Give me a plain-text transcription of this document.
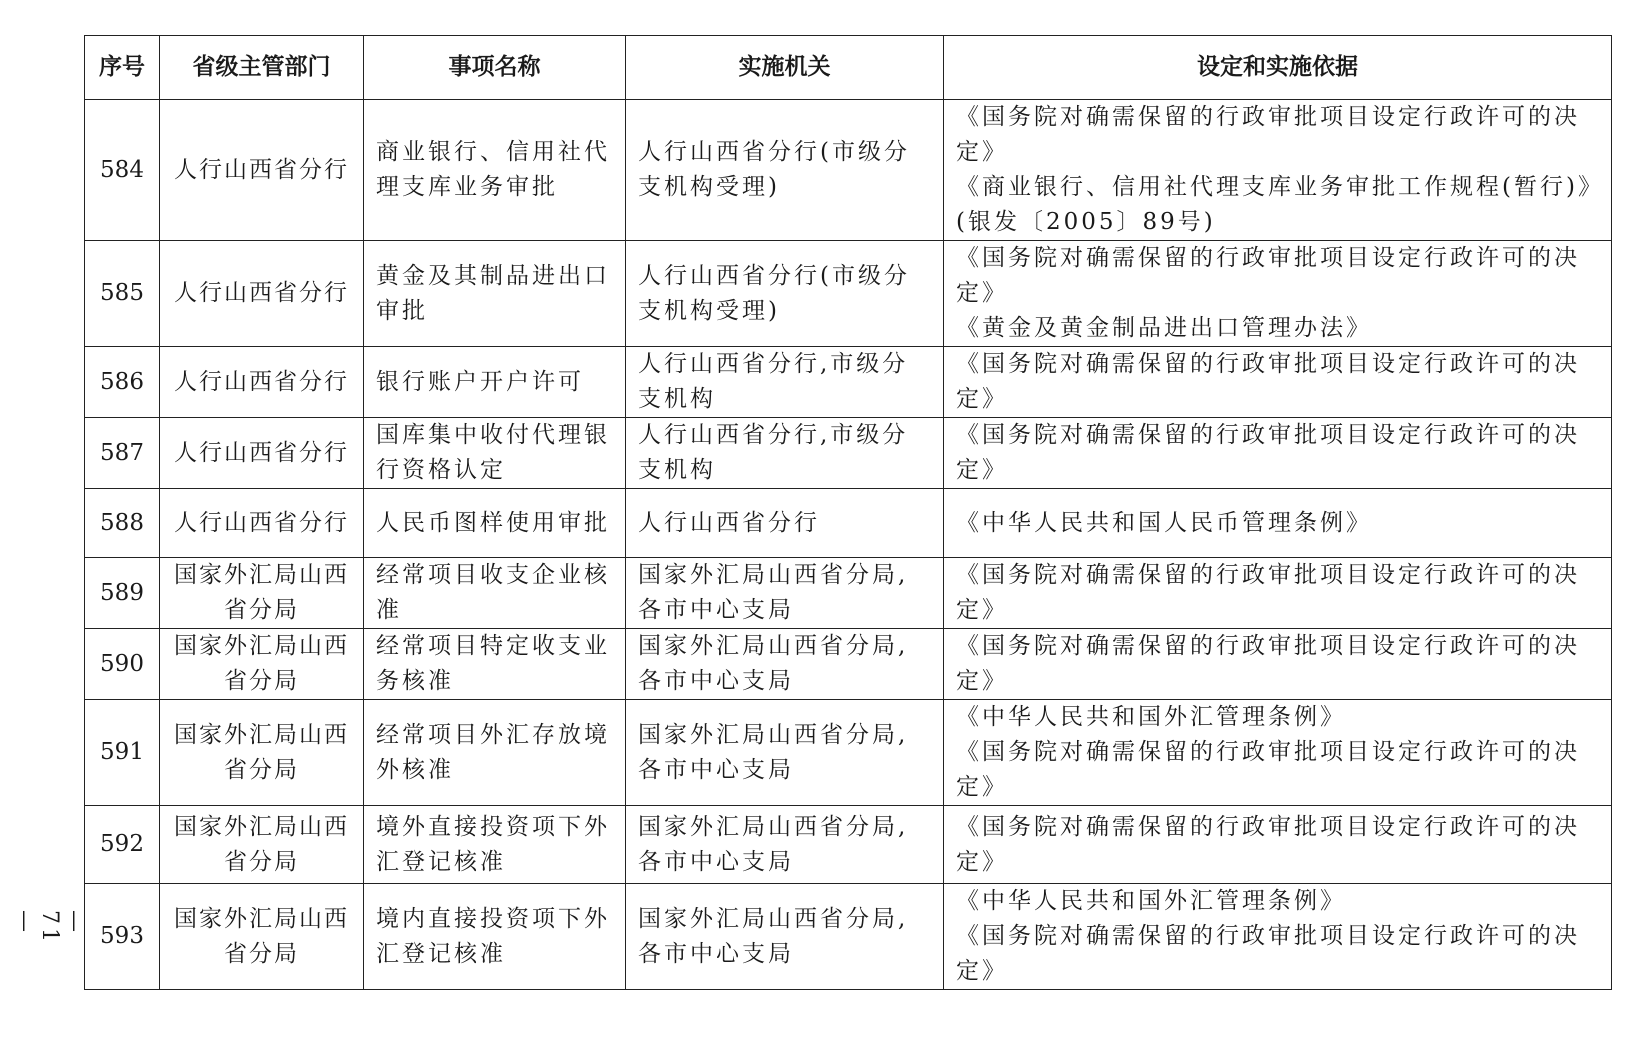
— 71 —
序号	省级主管部门	事项名称	实施机关	设定和实施依据
584	人行山西省分行	商业银行、信用社代理支库业务审批	人行山西省分行(市级分支机构受理)	《国务院对确需保留的行政审批项目设定行政许可的决定》
《商业银行、信用社代理支库业务审批工作规程(暂行)》(银发〔2005〕89号)

585	人行山西省分行	黄金及其制品进出口审批	人行山西省分行(市级分支机构受理)	《国务院对确需保留的行政审批项目设定行政许可的决定》
《黄金及黄金制品进出口管理办法》

586	人行山西省分行	银行账户开户许可	人行山西省分行,市级分支机构	《国务院对确需保留的行政审批项目设定行政许可的决定》

587	人行山西省分行	国库集中收付代理银行资格认定	人行山西省分行,市级分支机构	《国务院对确需保留的行政审批项目设定行政许可的决定》

588	人行山西省分行	人民币图样使用审批	人行山西省分行	《中华人民共和国人民币管理条例》

589	国家外汇局山西省分局	经常项目收支企业核准	国家外汇局山西省分局,各市中心支局	《国务院对确需保留的行政审批项目设定行政许可的决定》

590	国家外汇局山西省分局	经常项目特定收支业务核准	国家外汇局山西省分局,各市中心支局	《国务院对确需保留的行政审批项目设定行政许可的决定》

591	国家外汇局山西省分局	经常项目外汇存放境外核准	国家外汇局山西省分局,各市中心支局	《中华人民共和国外汇管理条例》
《国务院对确需保留的行政审批项目设定行政许可的决定》

592	国家外汇局山西省分局	境外直接投资项下外汇登记核准	国家外汇局山西省分局,各市中心支局	《国务院对确需保留的行政审批项目设定行政许可的决定》

593	国家外汇局山西省分局	境内直接投资项下外汇登记核准	国家外汇局山西省分局,各市中心支局	《中华人民共和国外汇管理条例》
《国务院对确需保留的行政审批项目设定行政许可的决定》
